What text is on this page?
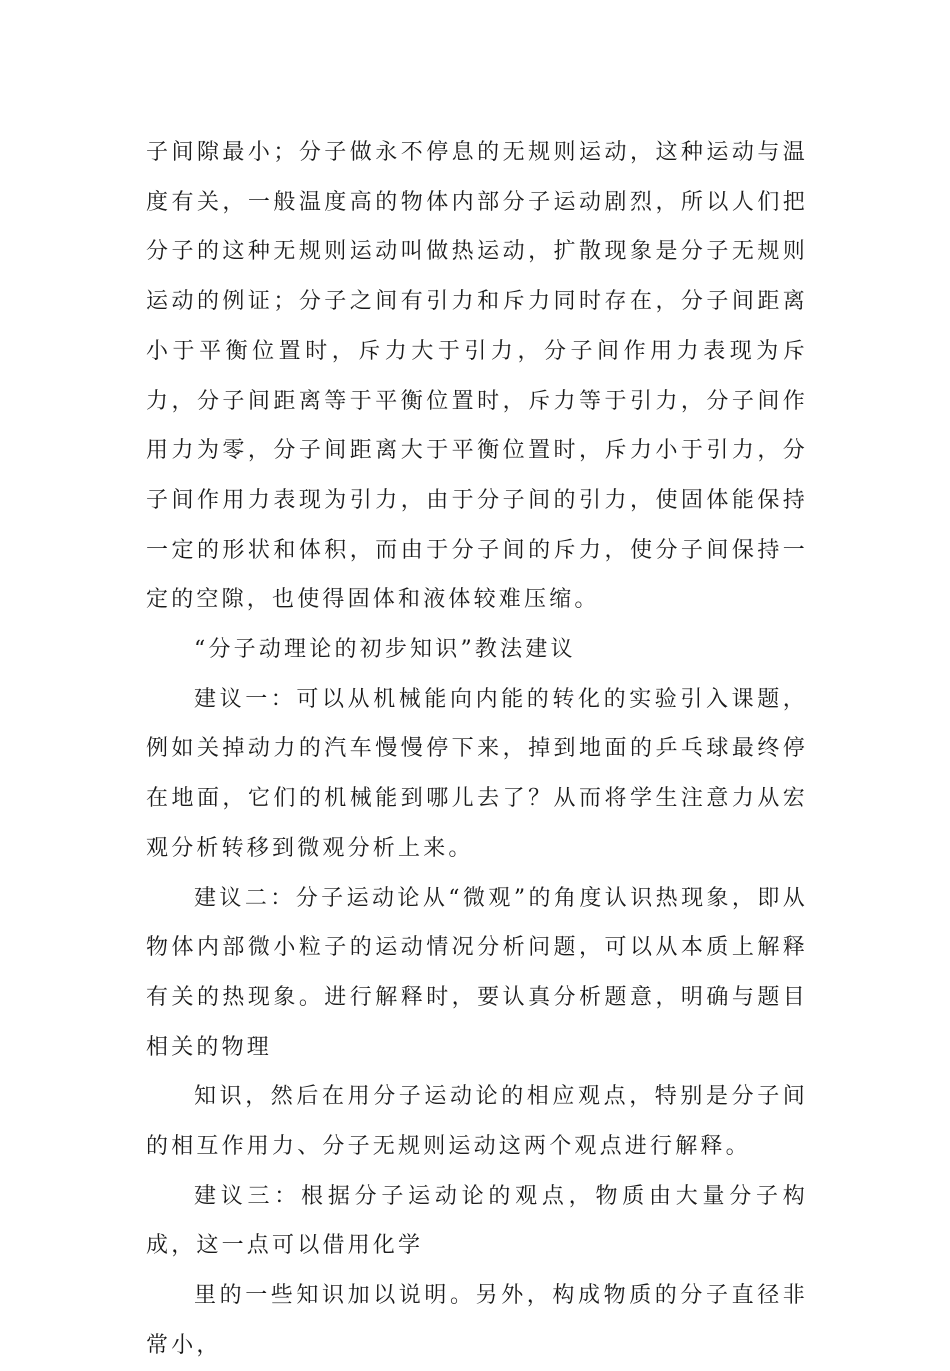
子间隙最小；分子做永不停息的无规则运动，这种运动与温度有关，一般温度高的物体内部分子运动剧烈，所以人们把分子的这种无规则运动叫做热运动，扩散现象是分子无规则运动的例证；分子之间有引力和斥力同时存在，分子间距离小于平衡位置时，斥力大于引力，分子间作用力表现为斥力，分子间距离等于平衡位置时，斥力等于引力，分子间作用力为零，分子间距离大于平衡位置时，斥力小于引力，分子间作用力表现为引力，由于分子间的引力，使固体能保持一定的形状和体积，而由于分子间的斥力，使分子间保持一定的空隙，也使得固体和液体较难压缩。

“分子动理论的初步知识”教法建议

建议一：可以从机械能向内能的转化的实验引入课题，例如关掉动力的汽车慢慢停下来，掉到地面的乒乓球最终停在地面，它们的机械能到哪儿去了？从而将学生注意力从宏观分析转移到微观分析上来。

建议二：分子运动论从“微观”的角度认识热现象，即从物体内部微小粒子的运动情况分析问题，可以从本质上解释有关的热现象。进行解释时，要认真分析题意，明确与题目相关的物理

知识，然后在用分子运动论的相应观点，特别是分子间的相互作用力、分子无规则运动这两个观点进行解释。

建议三：根据分子运动论的观点，物质由大量分子构成，这一点可以借用化学

里的一些知识加以说明。另外，构成物质的分子直径非常小，
